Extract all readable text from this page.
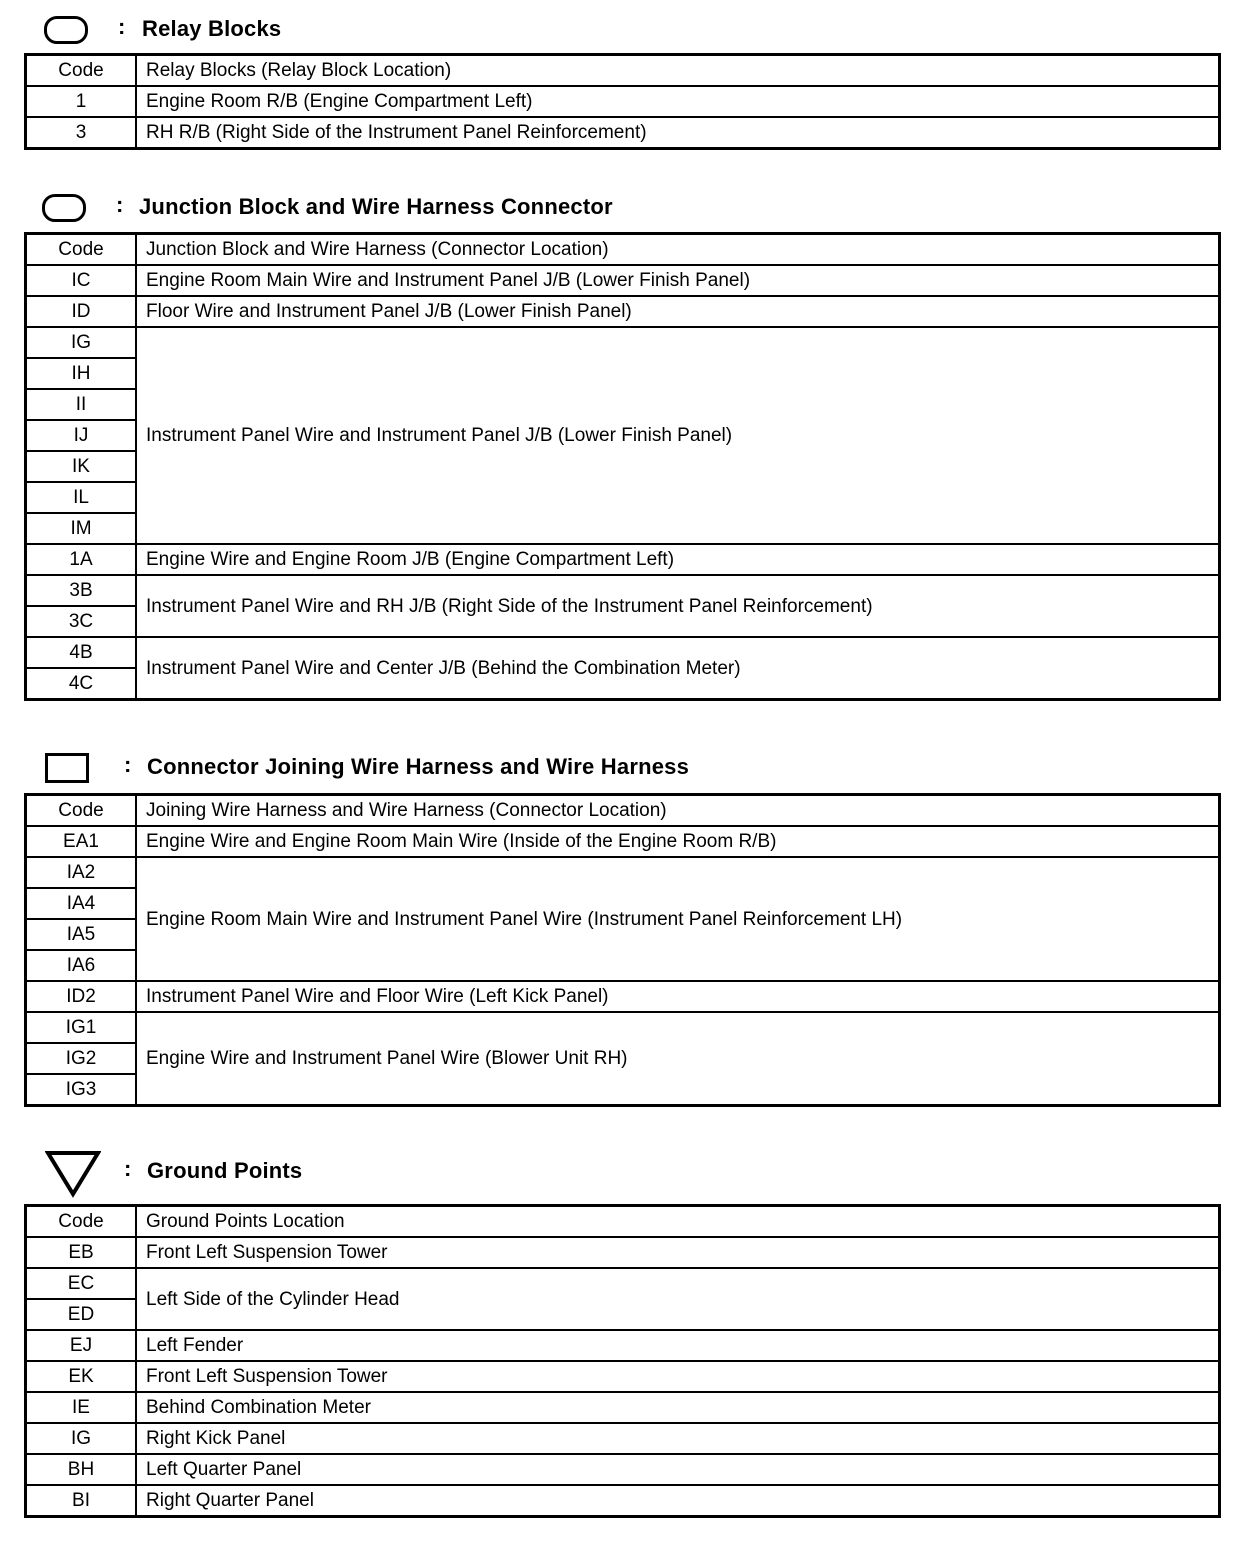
: Relay Blocks
Code	Relay Blocks (Relay Block Location)
1	Engine Room R/B (Engine Compartment Left)
3	RH R/B (Right Side of the Instrument Panel Reinforcement)
: Junction Block and Wire Harness Connector
Code	Junction Block and Wire Harness (Connector Location)
IC	Engine Room Main Wire and Instrument Panel J/B (Lower Finish Panel)
ID	Floor Wire and Instrument Panel J/B (Lower Finish Panel)
IG	Instrument Panel Wire and Instrument Panel J/B (Lower Finish Panel)
IH	
II	
IJ	
IK	
IL	
IM	
1A	Engine Wire and Engine Room J/B (Engine Compartment Left)
3B	Instrument Panel Wire and RH J/B (Right Side of the Instrument Panel Reinforcement)
3C	
4B	Instrument Panel Wire and Center J/B (Behind the Combination Meter)
4C	
: Connector Joining Wire Harness and Wire Harness
Code	Joining Wire Harness and Wire Harness (Connector Location)
EA1	Engine Wire and Engine Room Main Wire (Inside of the Engine Room R/B)
IA2	Engine Room Main Wire and Instrument Panel Wire (Instrument Panel Reinforcement LH)
IA4	
IA5	
IA6	
ID2	Instrument Panel Wire and Floor Wire (Left Kick Panel)
IG1	Engine Wire and Instrument Panel Wire (Blower Unit RH)
IG2	
IG3	
: Ground Points
Code	Ground Points Location
EB	Front Left Suspension Tower
EC	Left Side of the Cylinder Head
ED	
EJ	Left Fender
EK	Front Left Suspension Tower
IE	Behind Combination Meter
IG	Right Kick Panel
BH	Left Quarter Panel
BI	Right Quarter Panel
